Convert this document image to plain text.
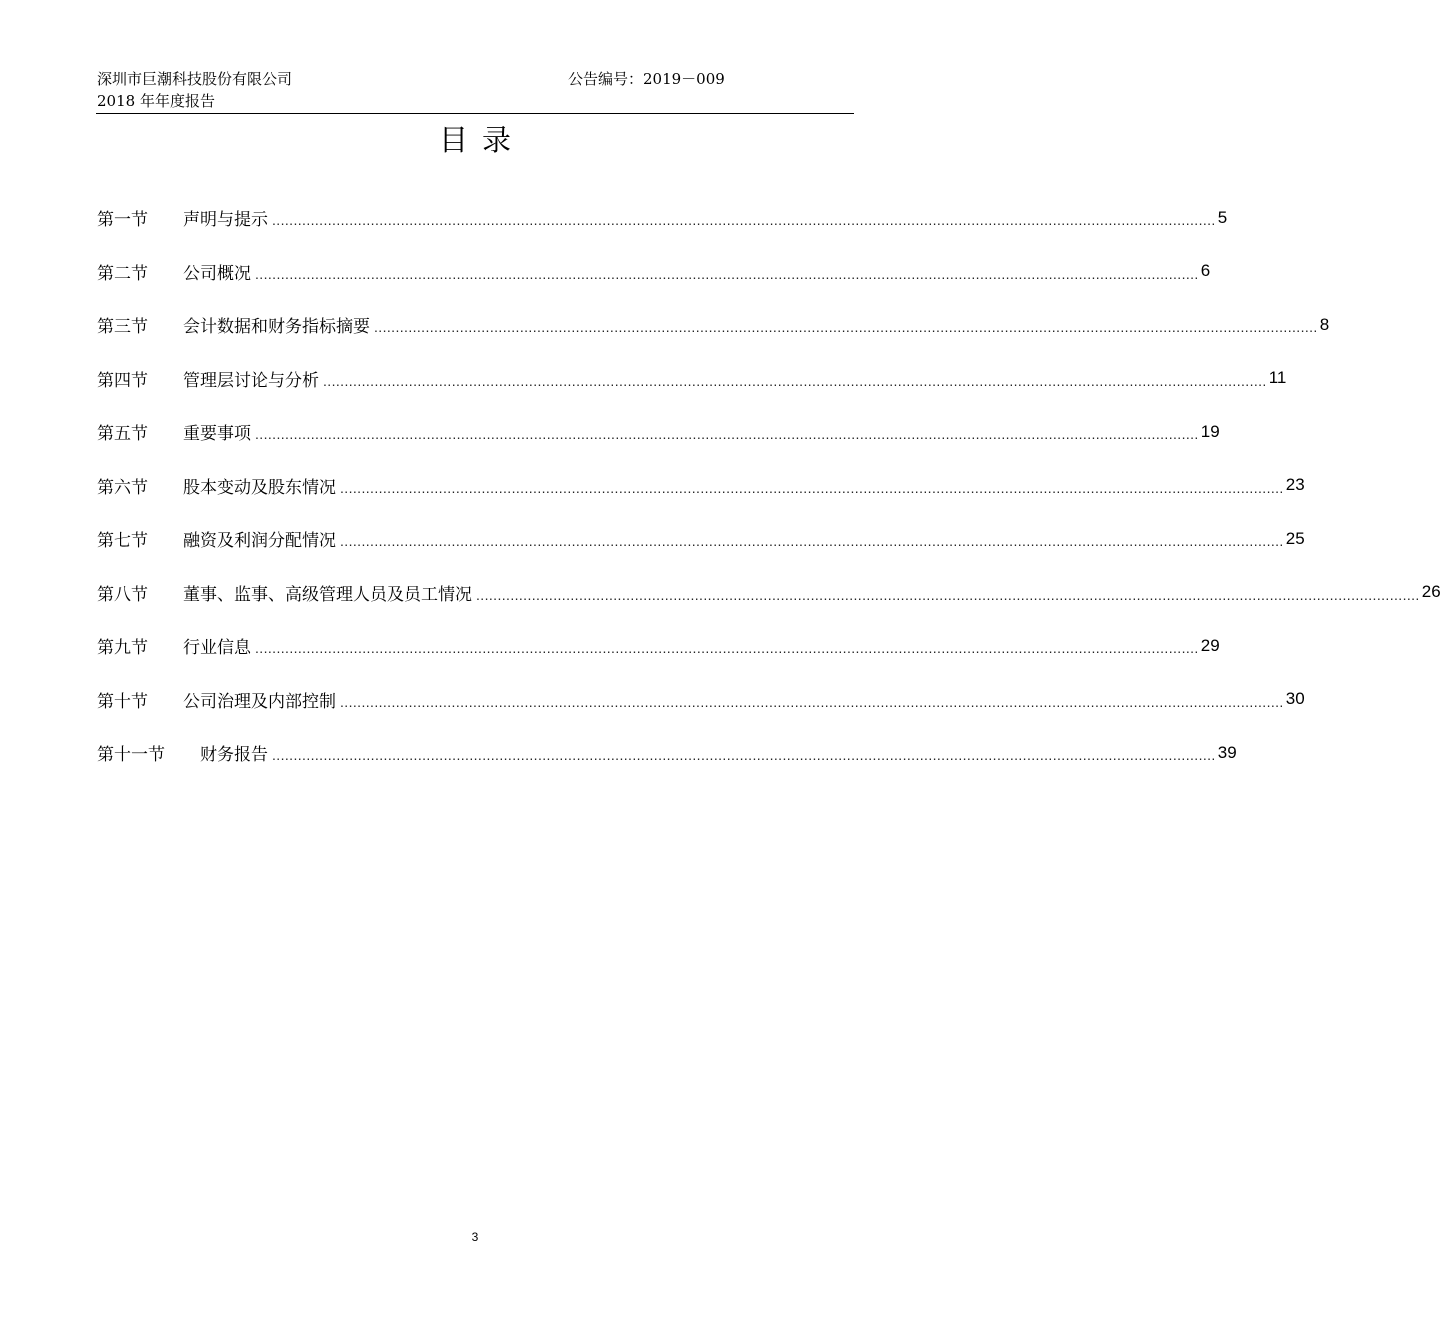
深圳市巨潮科技股份有限公司
2018 年年度报告
公告编号：2019－009
目录
第一节	声明与提示 ............................................................................................................................................................................................................................ 5
第二节	公司概况 ............................................................................................................................................................................................................................ 6
第三节	会计数据和财务指标摘要 ............................................................................................................................................................................................................................ 8
第四节	管理层讨论与分析 ............................................................................................................................................................................................................................ 11
第五节	重要事项 ............................................................................................................................................................................................................................ 19
第六节	股本变动及股东情况 ............................................................................................................................................................................................................................ 23
第七节	融资及利润分配情况 ............................................................................................................................................................................................................................ 25
第八节	董事、监事、高级管理人员及员工情况 ............................................................................................................................................................................................................................ 26
第九节	行业信息 ............................................................................................................................................................................................................................ 29
第十节	公司治理及内部控制 ............................................................................................................................................................................................................................ 30
第十一节	财务报告 ............................................................................................................................................................................................................................ 39
3
